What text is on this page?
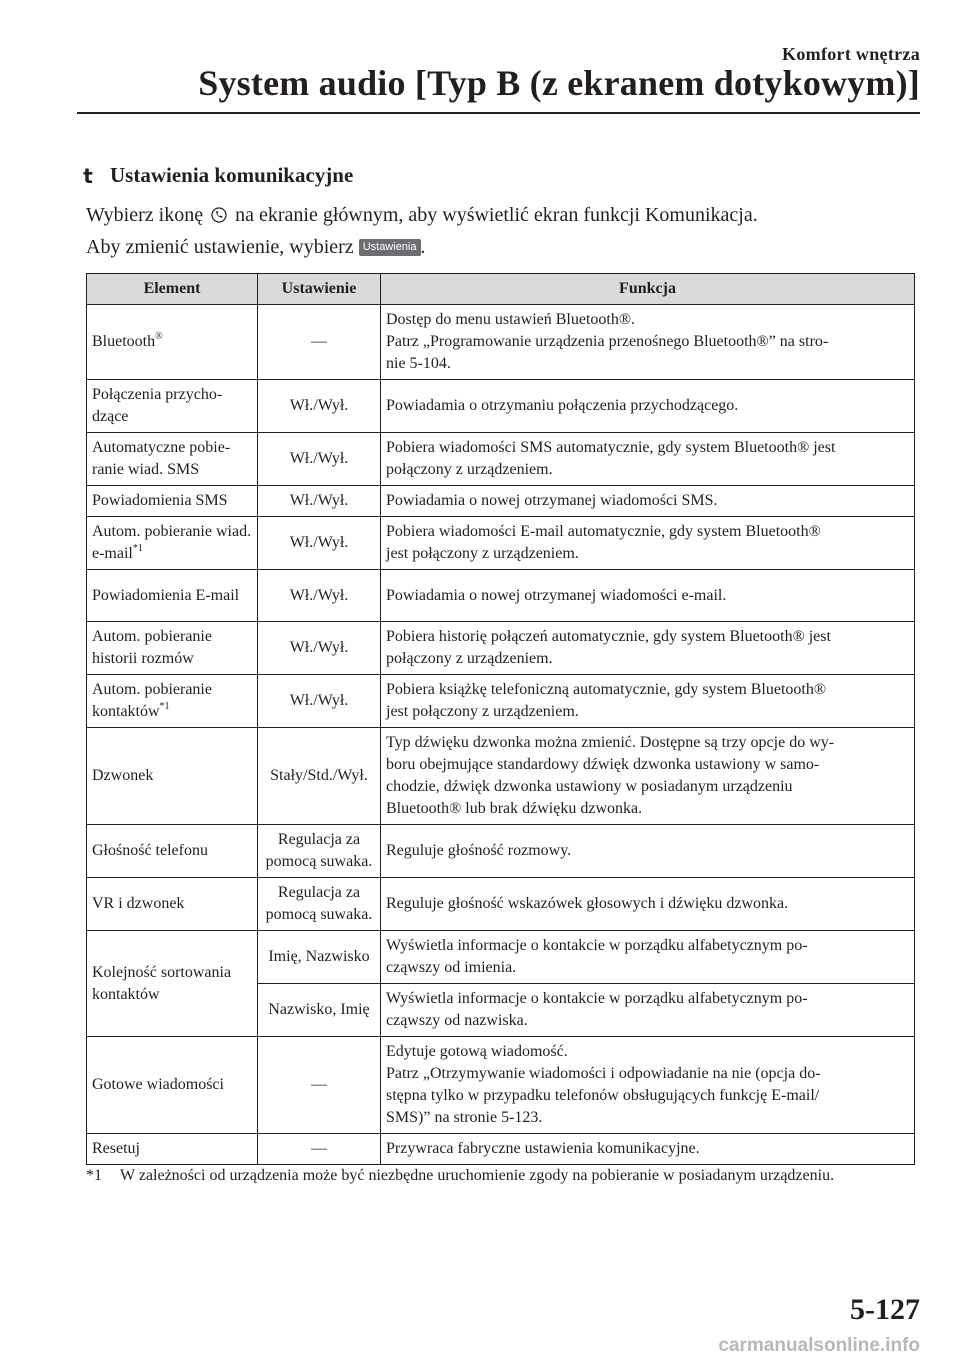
Komfort wnętrza
System audio [Typ B (z ekranem dotykowym)]
t Ustawienia komunikacyjne
Wybierz ikonę na ekranie głównym, aby wyświetlić ekran funkcji Komunikacja.
Aby zmienić ustawienie, wybierz Ustawienia .
Element	Ustawienie	Funkcja
Bluetooth®	—	Dostęp do menu ustawień Bluetooth®.
Patrz „Programowanie urządzenia przenośnego Bluetooth®” na stro-
nie 5-104.

Połączenia przycho- dzące	Wł./Wył.	Powiadamia o otrzymaniu połączenia przychodzącego.

Automatyczne pobie- ranie wiad. SMS	Wł./Wył.	Pobiera wiadomości SMS automatycznie, gdy system Bluetooth® jest
połączony z urządzeniem.

Powiadomienia SMS	Wł./Wył.	Powiadamia o nowej otrzymanej wiadomości SMS.

Autom. pobieranie wiad. e-mail$^{*1}$	Wł./Wył.	Pobiera wiadomości E-mail automatycznie, gdy system Bluetooth®
jest połączony z urządzeniem.

Powiadomienia E-mail	Wł./Wył.	Powiadamia o nowej otrzymanej wiadomości e-mail.

Autom. pobieranie historii rozmów	Wł./Wył.	Pobiera historię połączeń automatycznie, gdy system Bluetooth® jest
połączony z urządzeniem.

Autom. pobieranie kontaktów$^{*1}$	Wł./Wył.	Pobiera książkę telefoniczną automatycznie, gdy system Bluetooth®
jest połączony z urządzeniem.

Dzwonek	Stały/Std./Wył.	Typ dźwięku dzwonka można zmienić. Dostępne są trzy opcje do wy-
boru obejmujące standardowy dźwięk dzwonka ustawiony w samo-
chodzie, dźwięk dzwonka ustawiony w posiadanym urządzeniu
Bluetooth® lub brak dźwięku dzwonka.

Głośność telefonu	Regulacja za pomocą suwaka.	Reguluje głośność rozmowy.

VR i dzwonek	Regulacja za pomocą suwaka.	Reguluje głośność wskazówek głosowych i dźwięku dzwonka.

Kolejność sortowania kontaktów	Imię, Nazwisko	Wyświetla informacje o kontakcie w porządku alfabetycznym po-
cząwszy od imienia.

	Nazwisko, Imię	Wyświetla informacje o kontakcie w porządku alfabetycznym po-
cząwszy od nazwiska.

Gotowe wiadomości	—	Edytuje gotową wiadomość.
Patrz „Otrzymywanie wiadomości i odpowiadanie na nie (opcja do-
stępna tylko w przypadku telefonów obsługujących funkcję E-mail/
SMS)” na stronie 5-123.

Resetuj	—	Przywraca fabryczne ustawienia komunikacyjne.
*1 W zależności od urządzenia może być niezbędne uruchomienie zgody na pobieranie w posiadanym urządzeniu.
5-127
carmanualsonline.info
